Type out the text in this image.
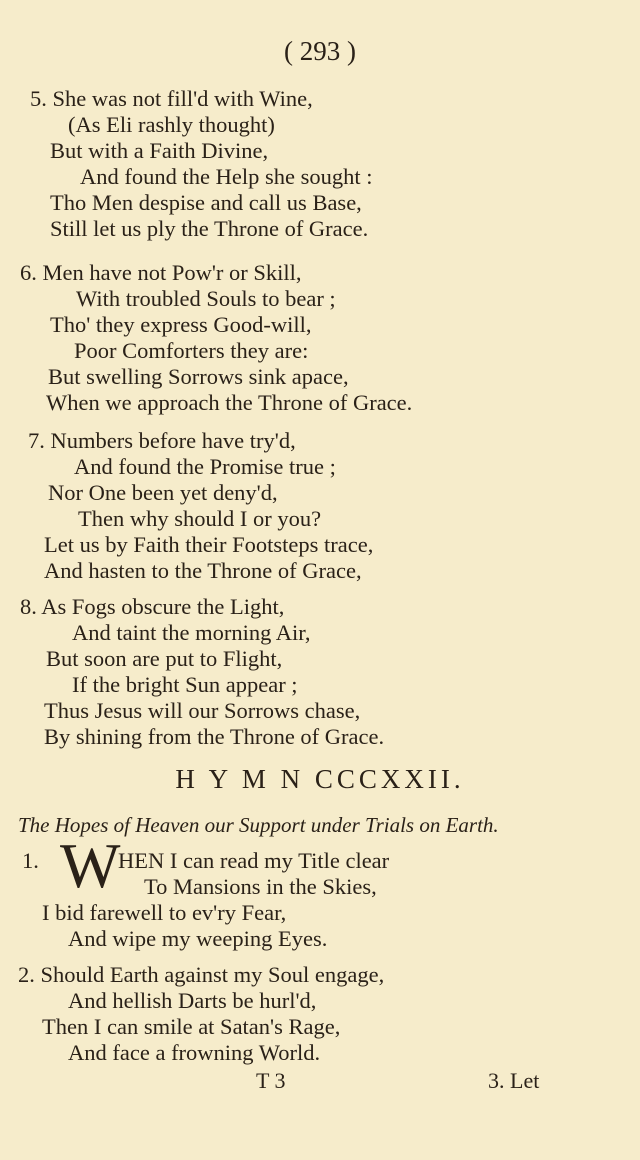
( 293 )
5. She was not fill'd with Wine,
(As Eli rashly thought)
But with a Faith Divine,
And found the Help she sought :
Tho Men despise and call us Base,
Still let us ply the Throne of Grace.
6. Men have not Pow'r or Skill,
With troubled Souls to bear ;
Tho' they express Good-will,
Poor Comforters they are:
But swelling Sorrows sink apace,
When we approach the Throne of Grace.
7. Numbers before have try'd,
And found the Promise true ;
Nor One been yet deny'd,
Then why should I or you?
Let us by Faith their Footsteps trace,
And hasten to the Throne of Grace,
8. As Fogs obscure the Light,
And taint the morning Air,
But soon are put to Flight,
If the bright Sun appear ;
Thus Jesus will our Sorrows chase,
By shining from the Throne of Grace.
H Y M N CCCXXII.
The Hopes of Heaven our Support under Trials on Earth.
1. W
HEN I can read my Title clear
To Mansions in the Skies,
I bid farewell to ev'ry Fear,
And wipe my weeping Eyes.
2. Should Earth against my Soul engage,
And hellish Darts be hurl'd,
Then I can smile at Satan's Rage,
And face a frowning World.
T 3	3. Let
